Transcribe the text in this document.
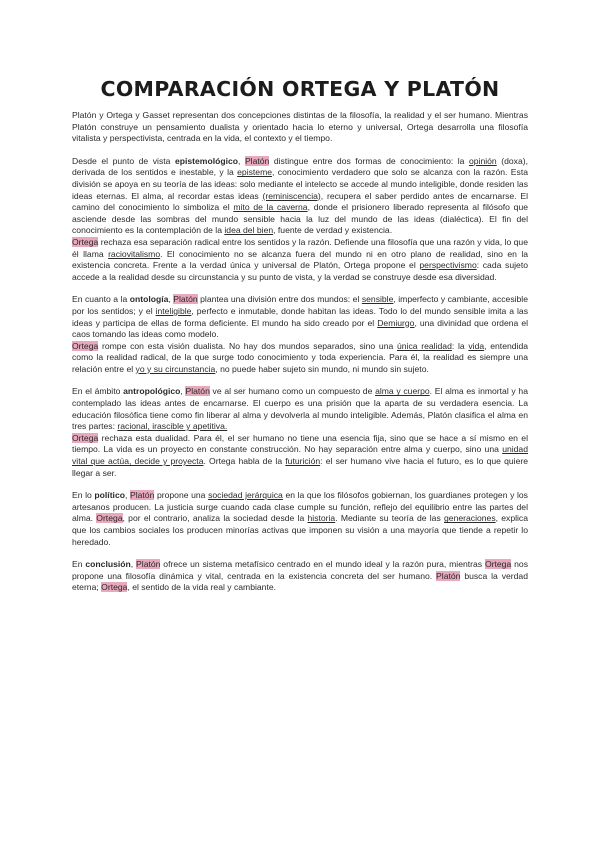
COMPARACIÓN ORTEGA Y PLATÓN

Platón y Ortega y Gasset representan dos concepciones distintas de la filosofía, la realidad y el ser humano. Mientras Platón construye un pensamiento dualista y orientado hacia lo eterno y universal, Ortega desarrolla una filosofía vitalista y perspectivista, centrada en la vida, el contexto y el tiempo.

Desde el punto de vista epistemológico, Platón distingue entre dos formas de conocimiento: la opinión (doxa), derivada de los sentidos e inestable, y la episteme, conocimiento verdadero que solo se alcanza con la razón. Esta división se apoya en su teoría de las ideas: solo mediante el intelecto se accede al mundo inteligible, donde residen las ideas eternas. El alma, al recordar estas ideas (reminiscencia), recupera el saber perdido antes de encarnarse. El camino del conocimiento lo simboliza el mito de la caverna, donde el prisionero liberado representa al filósofo que asciende desde las sombras del mundo sensible hacia la luz del mundo de las ideas (dialéctica). El fin del conocimiento es la contemplación de la idea del bien, fuente de verdad y existencia.

Ortega rechaza esa separación radical entre los sentidos y la razón. Defiende una filosofía que una razón y vida, lo que él llama raciovitalismo. El conocimiento no se alcanza fuera del mundo ni en otro plano de realidad, sino en la existencia concreta. Frente a la verdad única y universal de Platón, Ortega propone el perspectivismo: cada sujeto accede a la realidad desde su circunstancia y su punto de vista, y la verdad se construye desde esa diversidad.

En cuanto a la ontología, Platón plantea una división entre dos mundos: el sensible, imperfecto y cambiante, accesible por los sentidos; y el inteligible, perfecto e inmutable, donde habitan las ideas. Todo lo del mundo sensible imita a las ideas y participa de ellas de forma deficiente. El mundo ha sido creado por el Demiurgo, una divinidad que ordena el caos tomando las ideas como modelo.

Ortega rompe con esta visión dualista. No hay dos mundos separados, sino una única realidad: la vida, entendida como la realidad radical, de la que surge todo conocimiento y toda experiencia. Para él, la realidad es siempre una relación entre el yo y su circunstancia, no puede haber sujeto sin mundo, ni mundo sin sujeto.

En el ámbito antropológico, Platón ve al ser humano como un compuesto de alma y cuerpo. El alma es inmortal y ha contemplado las ideas antes de encarnarse. El cuerpo es una prisión que la aparta de su verdadera esencia. La educación filosófica tiene como fin liberar al alma y devolverla al mundo inteligible. Además, Platón clasifica el alma en tres partes: racional, irascible y apetitiva.

Ortega rechaza esta dualidad. Para él, el ser humano no tiene una esencia fija, sino que se hace a sí mismo en el tiempo. La vida es un proyecto en constante construcción. No hay separación entre alma y cuerpo, sino una unidad vital que actúa, decide y proyecta. Ortega habla de la futurición: el ser humano vive hacia el futuro, es lo que quiere llegar a ser.

En lo político, Platón propone una sociedad jerárquica en la que los filósofos gobiernan, los guardianes protegen y los artesanos producen. La justicia surge cuando cada clase cumple su función, reflejo del equilibrio entre las partes del alma. Ortega, por el contrario, analiza la sociedad desde la historia. Mediante su teoría de las generaciones, explica que los cambios sociales los producen minorías activas que imponen su visión a una mayoría que tiende a repetir lo heredado.

En conclusión, Platón ofrece un sistema metafísico centrado en el mundo ideal y la razón pura, mientras Ortega nos propone una filosofía dinámica y vital, centrada en la existencia concreta del ser humano. Platón busca la verdad eterna; Ortega, el sentido de la vida real y cambiante.
